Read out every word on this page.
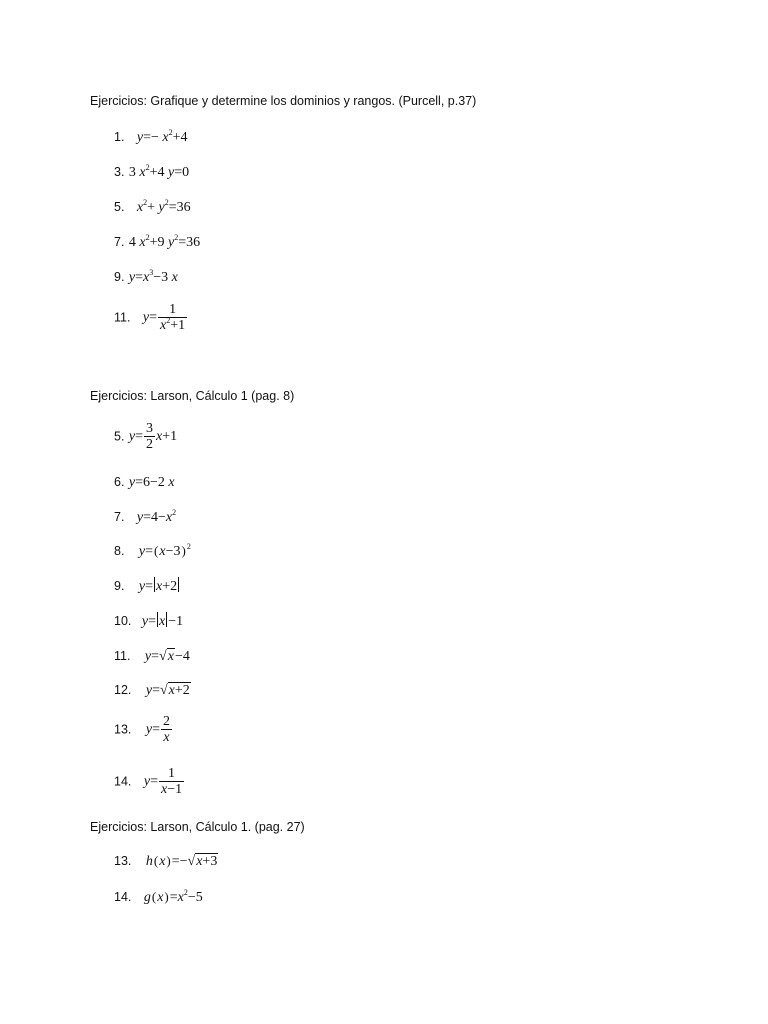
Ejercicios: Grafique y determine los dominios y rangos. (Purcell, p.37)
1. $y=- x^2+4$
3. 3 $x^2+4$ y=0
5. $x^2+ y^2=36$
7. 4 $x^2+9$ $y^2=36$
9. $y=x^3-3$ x
11. $y= \frac{1}{x^2+1}$
Ejercicios: Larson, Cálculo 1 (pag. 8)
5. $y= \frac{3}{2} x+1$
6. y=6−2 x
7. $y=4-x^2$
8. $y=(x-3)^2$
9. y= x+2
10. y= x −1
11. y=√x−4
12. y=√x+2
13. $y= \frac{2}{x}$
14. $y= \frac{1}{x-1}$
Ejercicios: Larson, Cálculo 1. (pag. 27)
13. h(x)=−√x+3
14. $g(x)=x^2-5$
